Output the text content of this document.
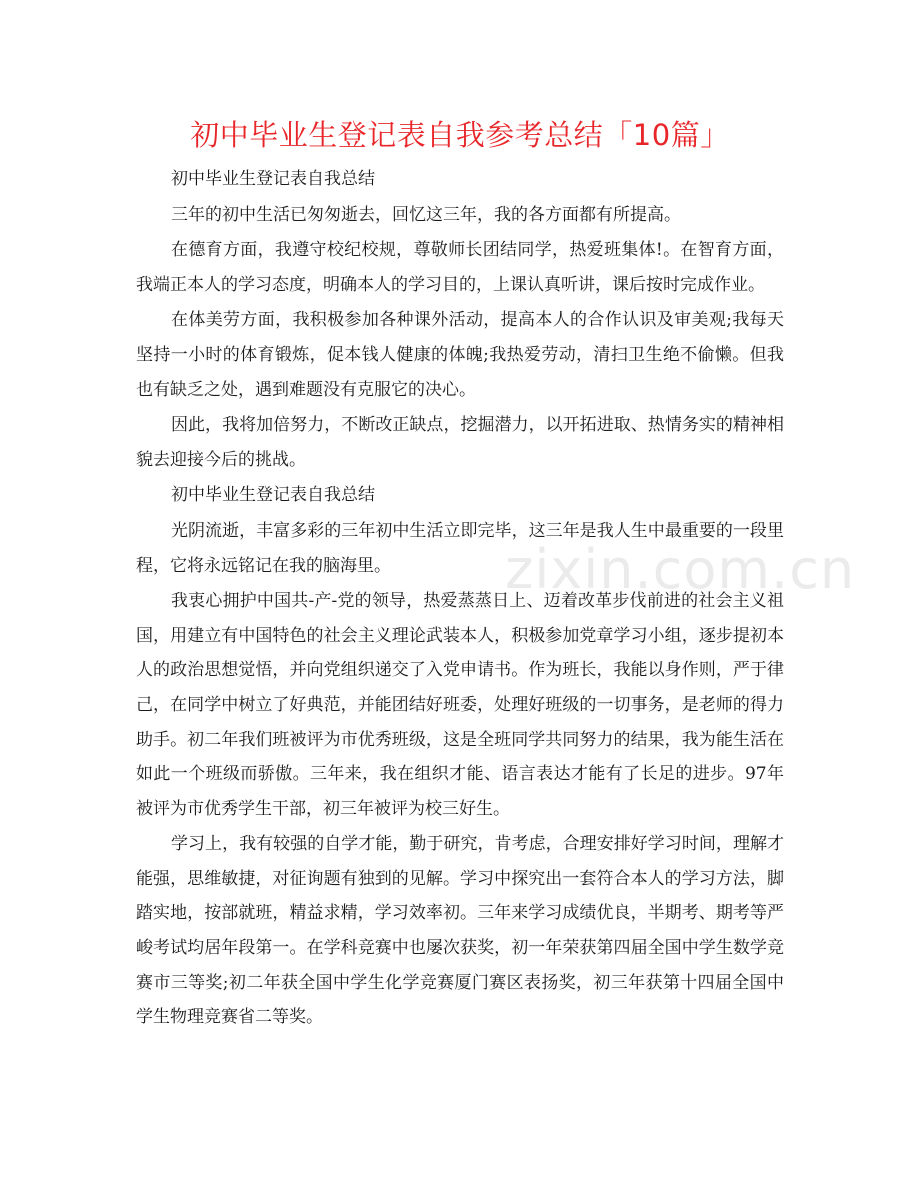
初中毕业生登记表自我参考总结「10篇」

初中毕业生登记表自我总结

三年的初中生活已匆匆逝去，回忆这三年，我的各方面都有所提高。

在德育方面，我遵守校纪校规，尊敬师长团结同学，热爱班集体!。在智育方面，我端正本人的学习态度，明确本人的学习目的，上课认真听讲，课后按时完成作业。

在体美劳方面，我积极参加各种课外活动，提高本人的合作认识及审美观;我每天坚持一小时的体育锻炼，促本钱人健康的体魄;我热爱劳动，清扫卫生绝不偷懒。但我也有缺乏之处，遇到难题没有克服它的决心。

因此，我将加倍努力，不断改正缺点，挖掘潜力，以开拓进取、热情务实的精神相貌去迎接今后的挑战。

初中毕业生登记表自我总结

光阴流逝，丰富多彩的三年初中生活立即完毕，这三年是我人生中最重要的一段里程，它将永远铭记在我的脑海里。

我衷心拥护中国共-产-党的领导，热爱蒸蒸日上、迈着改革步伐前进的社会主义祖国，用建立有中国特色的社会主义理论武装本人，积极参加党章学习小组，逐步提初本人的政治思想觉悟，并向党组织递交了入党申请书。作为班长，我能以身作则，严于律己，在同学中树立了好典范，并能团结好班委，处理好班级的一切事务，是老师的得力助手。初二年我们班被评为市优秀班级，这是全班同学共同努力的结果，我为能生活在如此一个班级而骄傲。三年来，我在组织才能、语言表达才能有了长足的进步。97年被评为市优秀学生干部，初三年被评为校三好生。

学习上，我有较强的自学才能，勤于研究，肯考虑，合理安排好学习时间，理解才能强，思维敏捷，对征询题有独到的见解。学习中探究出一套符合本人的学习方法，脚踏实地，按部就班，精益求精，学习效率初。三年来学习成绩优良，半期考、期考等严峻考试均居年段第一。在学科竞赛中也屡次获奖，初一年荣获第四届全国中学生数学竞赛市三等奖;初二年获全国中学生化学竞赛厦门赛区表扬奖，初三年获第十四届全国中学生物理竞赛省二等奖。

zixin.com.cn
